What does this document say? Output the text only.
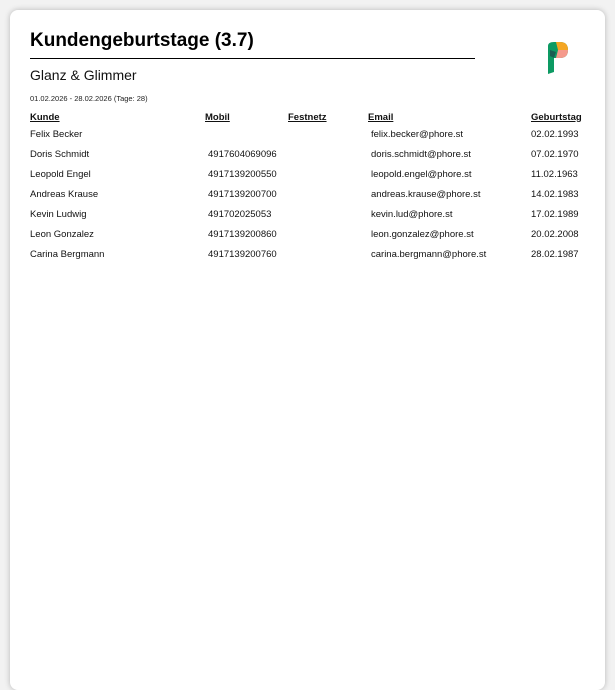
Kundengeburtstage (3.7)
Glanz & Glimmer
01.02.2026 - 28.02.2026 (Tage: 28)
Kunde	Mobil	Festnetz	Email	Geburtstag
Felix Becker			felix.becker@phore.st	02.02.1993
Doris Schmidt	4917604069096		doris.schmidt@phore.st	07.02.1970
Leopold Engel	4917139200550		leopold.engel@phore.st	11.02.1963
Andreas Krause	4917139200700		andreas.krause@phore.st	14.02.1983
Kevin Ludwig	491702025053		kevin.lud@phore.st	17.02.1989
Leon Gonzalez	4917139200860		leon.gonzalez@phore.st	20.02.2008
Carina Bergmann	4917139200760		carina.bergmann@phore.st	28.02.1987
